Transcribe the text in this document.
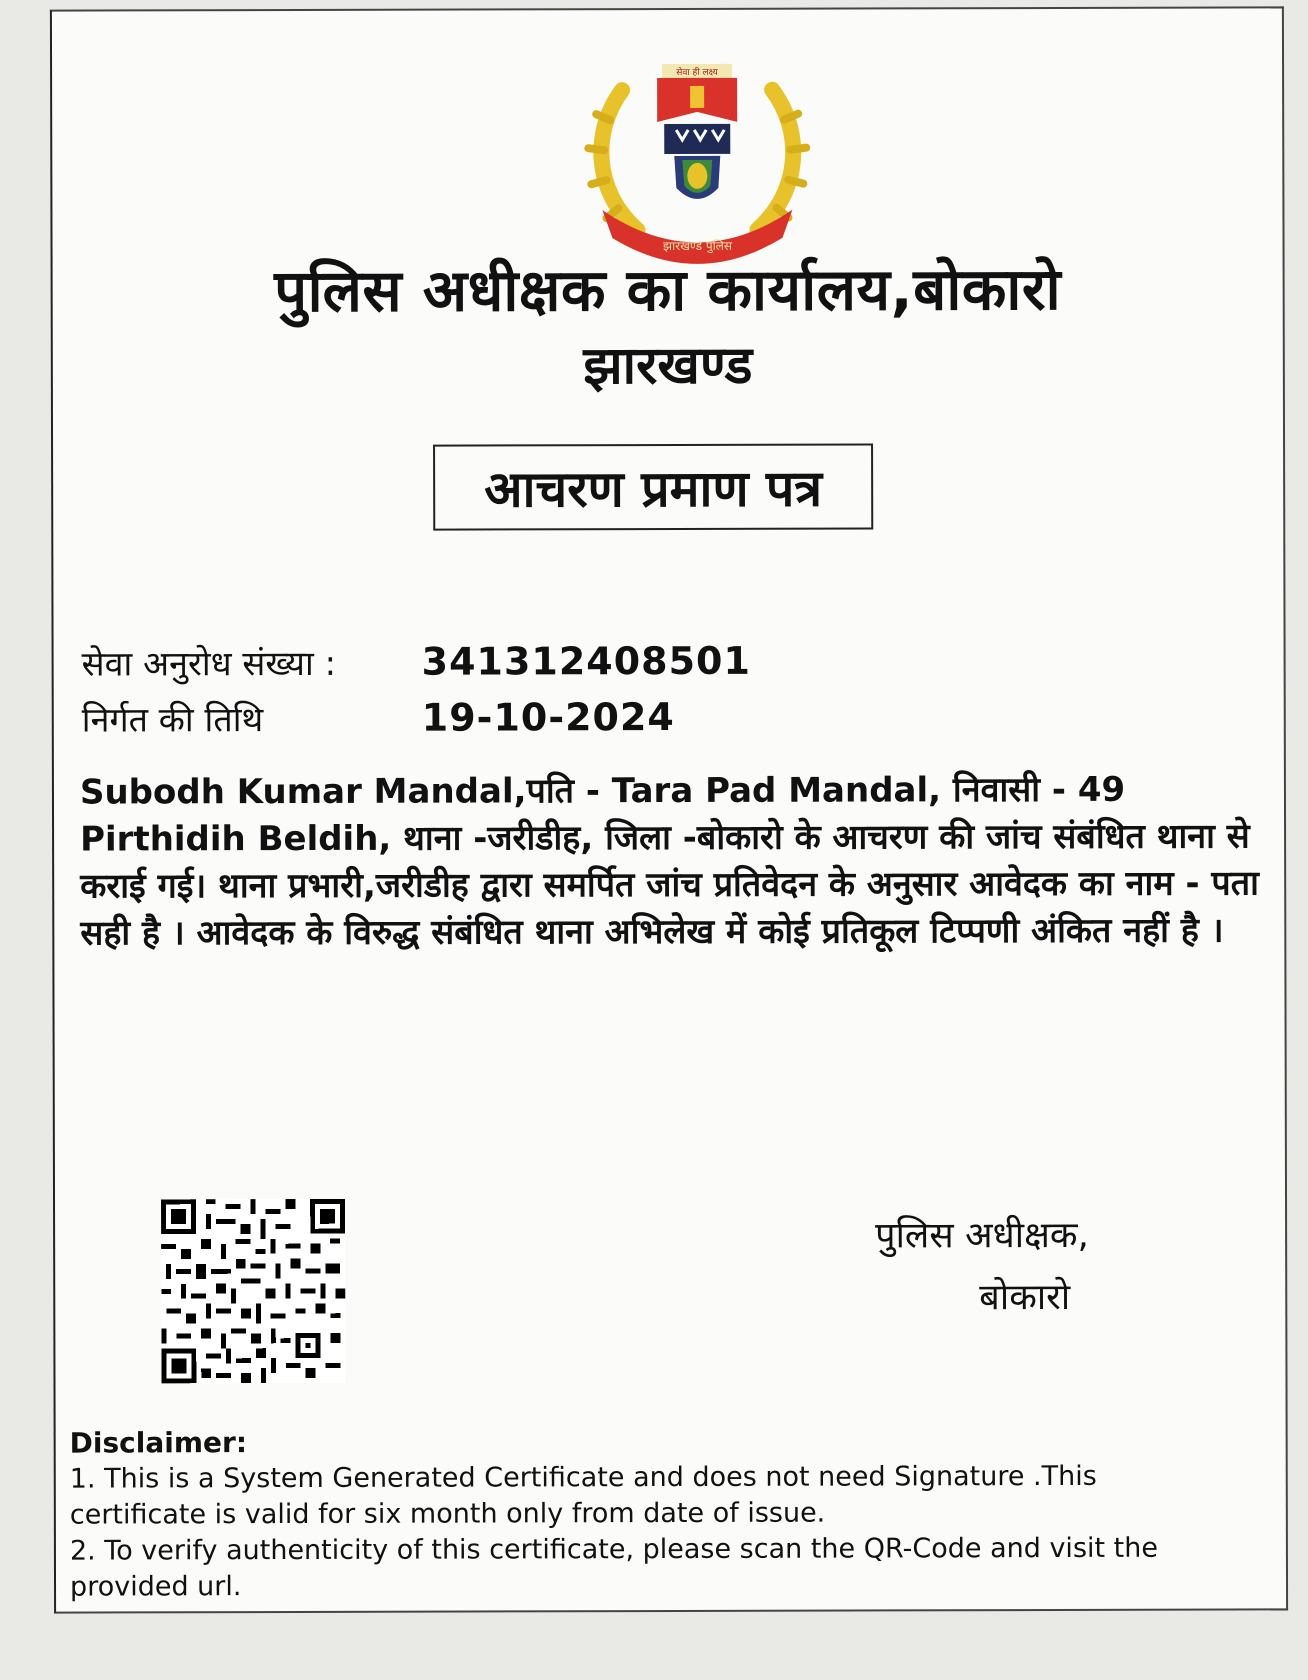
सेवा ही लक्ष्य
झारखण्ड पुलिस
पुलिस अधीक्षक का कार्यालय,बोकारो
झारखण्ड
आचरण प्रमाण पत्र
सेवा अनुरोध संख्या : 341312408501
निर्गत की तिथि	19-10-2024
Subodh Kumar Mandal,पति - Tara Pad Mandal, निवासी - 49 Pirthidih Beldih, थाना -जरीडीह, जिला -बोकारो के आचरण की जांच संबंधित थाना से कराई गई। थाना प्रभारी,जरीडीह द्वारा समर्पित जांच प्रतिवेदन के अनुसार आवेदक का नाम - पता सही है । आवेदक के विरुद्ध संबंधित थाना अभिलेख में कोई प्रतिकूल टिप्पणी अंकित नहीं है ।
पुलिस अधीक्षक,
बोकारो
Disclaimer:
1. This is a System Generated Certificate and does not need Signature .This certificate is valid for six month only from date of issue.
2. To verify authenticity of this certificate, please scan the QR-Code and visit the provided url.
